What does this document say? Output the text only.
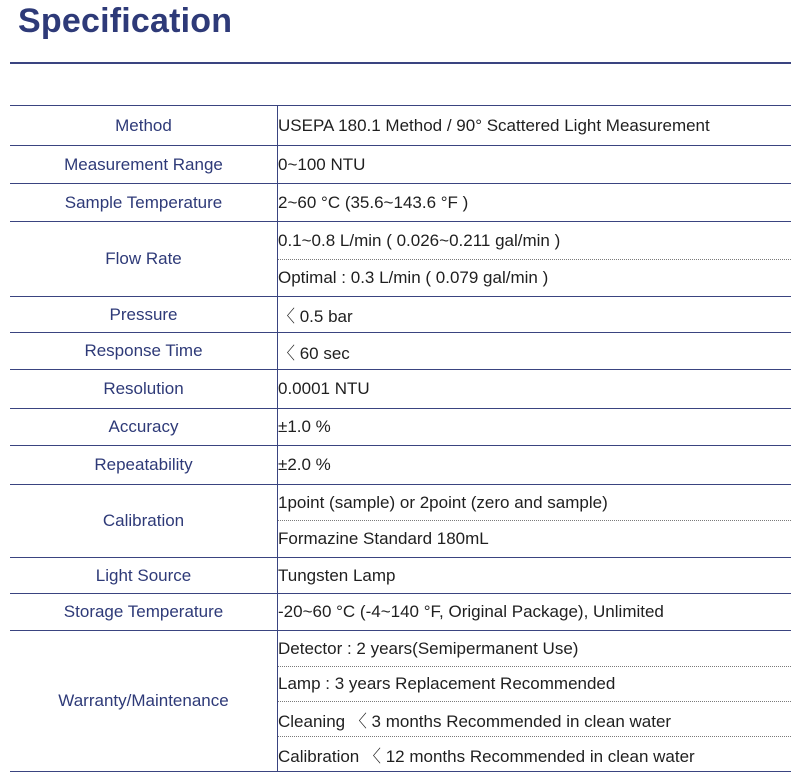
Specification
Method	USEPA 180.1 Method / 90° Scattered Light Measurement
Measurement Range	0~100 NTU
Sample Temperature	2~60 °C (35.6~143.6 °F )
Flow Rate	0.1~0.8 L/min ( 0.026~0.211 gal/min )
	Optimal : 0.3 L/min ( 0.079 gal/min )
Pressure	〈 0.5 bar
Response Time	〈 60 sec
Resolution	0.0001 NTU
Accuracy	±1.0 %
Repeatability	±2.0 %
Calibration	1point (sample) or 2point (zero and sample)
	Formazine Standard 180mL
Light Source	Tungsten Lamp
Storage Temperature	-20~60 °C (-4~140 °F, Original Package), Unlimited
Warranty/Maintenance	Detector : 2 years(Semipermanent Use)
	Lamp : 3 years Replacement Recommended
	Cleaning 〈 3 months Recommended in clean water
	Calibration 〈 12 months Recommended in clean water
